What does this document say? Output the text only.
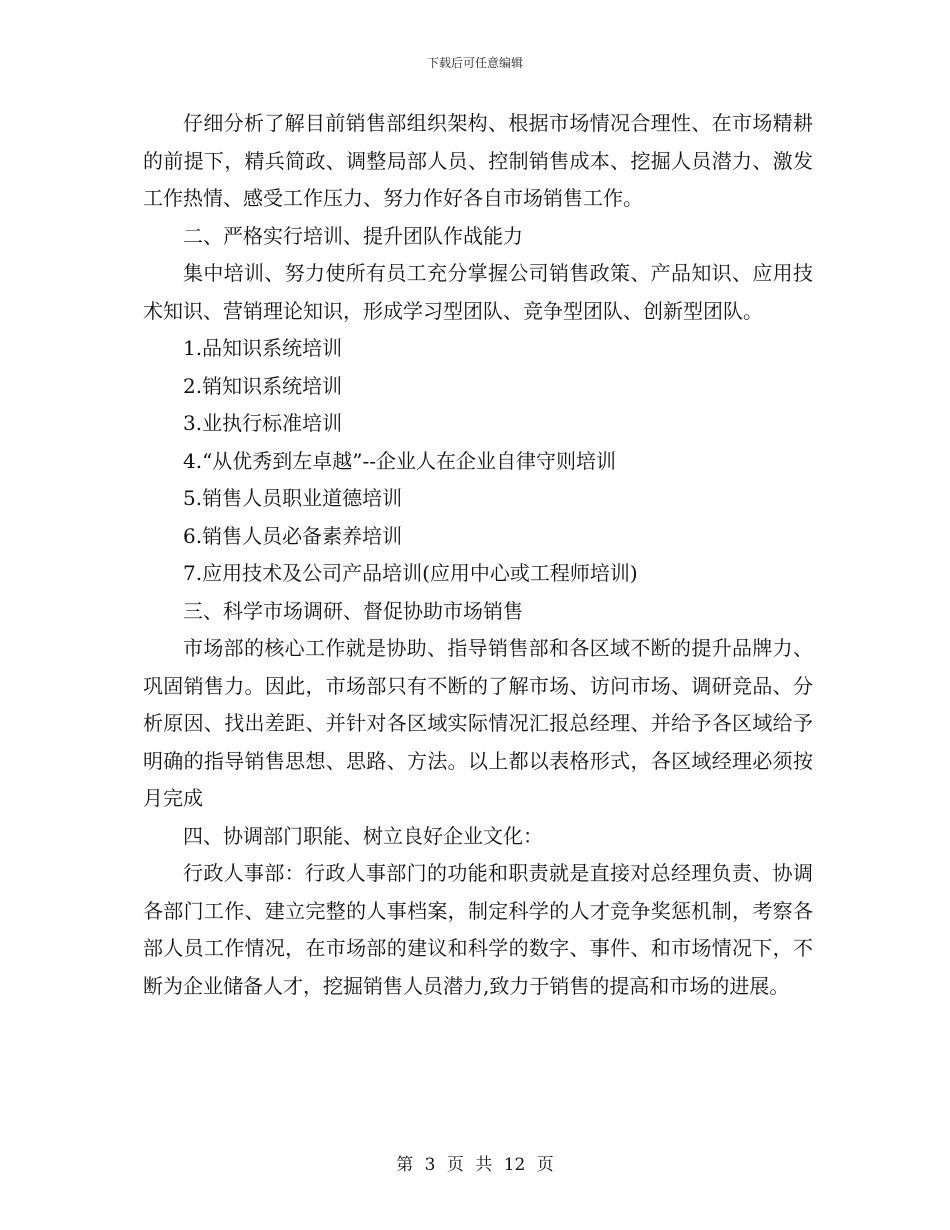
下载后可任意编辑

仔细分析了解目前销售部组织架构、根据市场情况合理性、在市场精耕的前提下，精兵简政、调整局部人员、控制销售成本、挖掘人员潜力、激发工作热情、感受工作压力、努力作好各自市场销售工作。

二、严格实行培训、提升团队作战能力

集中培训、努力使所有员工充分掌握公司销售政策、产品知识、应用技术知识、营销理论知识，形成学习型团队、竞争型团队、创新型团队。

1.品知识系统培训

2.销知识系统培训

3.业执行标准培训

4.“从优秀到左卓越”--企业人在企业自律守则培训

5.销售人员职业道德培训

6.销售人员必备素养培训

7.应用技术及公司产品培训(应用中心或工程师培训)

三、科学市场调研、督促协助市场销售

市场部的核心工作就是协助、指导销售部和各区域不断的提升品牌力、巩固销售力。因此，市场部只有不断的了解市场、访问市场、调研竞品、分析原因、找出差距、并针对各区域实际情况汇报总经理、并给予各区域给予明确的指导销售思想、思路、方法。以上都以表格形式，各区域经理必须按月完成

四、协调部门职能、树立良好企业文化：

行政人事部：行政人事部门的功能和职责就是直接对总经理负责、协调各部门工作、建立完整的人事档案，制定科学的人才竞争奖惩机制，考察各部人员工作情况，在市场部的建议和科学的数字、事件、和市场情况下，不断为企业储备人才，挖掘销售人员潜力,致力于销售的提高和市场的进展。

第 3 页 共 12 页
